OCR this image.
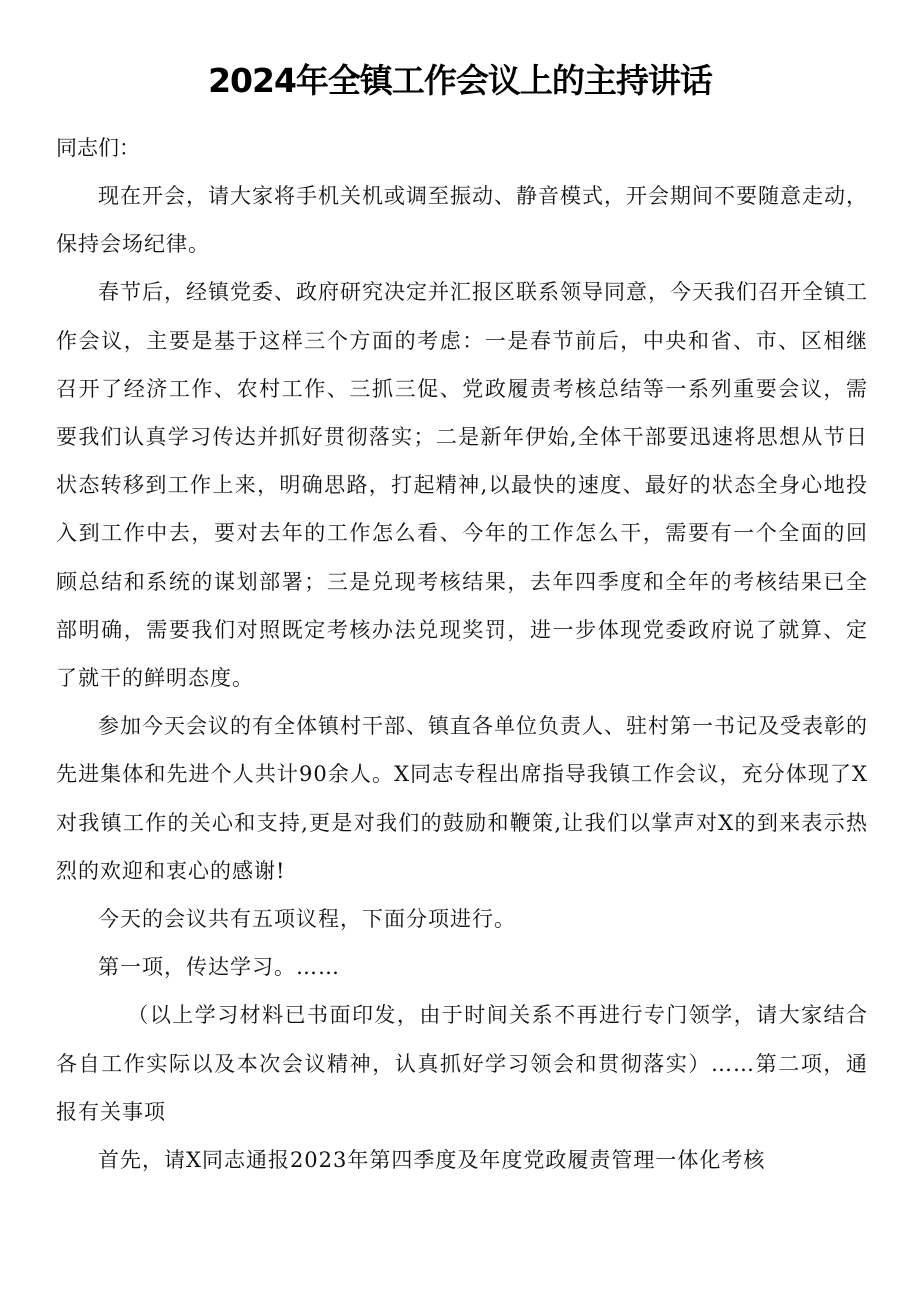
2024年全镇工作会议上的主持讲话
同志们：

现在开会，请大家将手机关机或调至振动、静音模式，开会期间不要随意走动，保持会场纪律。

春节后，经镇党委、政府研究决定并汇报区联系领导同意，今天我们召开全镇工作会议，主要是基于这样三个方面的考虑：一是春节前后，中央和省、市、区相继召开了经济工作、农村工作、三抓三促、党政履责考核总结等一系列重要会议，需要我们认真学习传达并抓好贯彻落实；二是新年伊始,全体干部要迅速将思想从节日状态转移到工作上来，明确思路，打起精神,以最快的速度、最好的状态全身心地投入到工作中去，要对去年的工作怎么看、今年的工作怎么干，需要有一个全面的回顾总结和系统的谋划部署；三是兑现考核结果，去年四季度和全年的考核结果已全部明确，需要我们对照既定考核办法兑现奖罚，进一步体现党委政府说了就算、定了就干的鲜明态度。

参加今天会议的有全体镇村干部、镇直各单位负责人、驻村第一书记及受表彰的先进集体和先进个人共计90余人。X同志专程出席指导我镇工作会议，充分体现了X对我镇工作的关心和支持,更是对我们的鼓励和鞭策,让我们以掌声对X的到来表示热烈的欢迎和衷心的感谢!

今天的会议共有五项议程，下面分项进行。

第一项，传达学习。……

（以上学习材料已书面印发，由于时间关系不再进行专门领学，请大家结合各自工作实际以及本次会议精神，认真抓好学习领会和贯彻落实）……第二项，通报有关事项

首先，请X同志通报2023年第四季度及年度党政履责管理一体化考核
